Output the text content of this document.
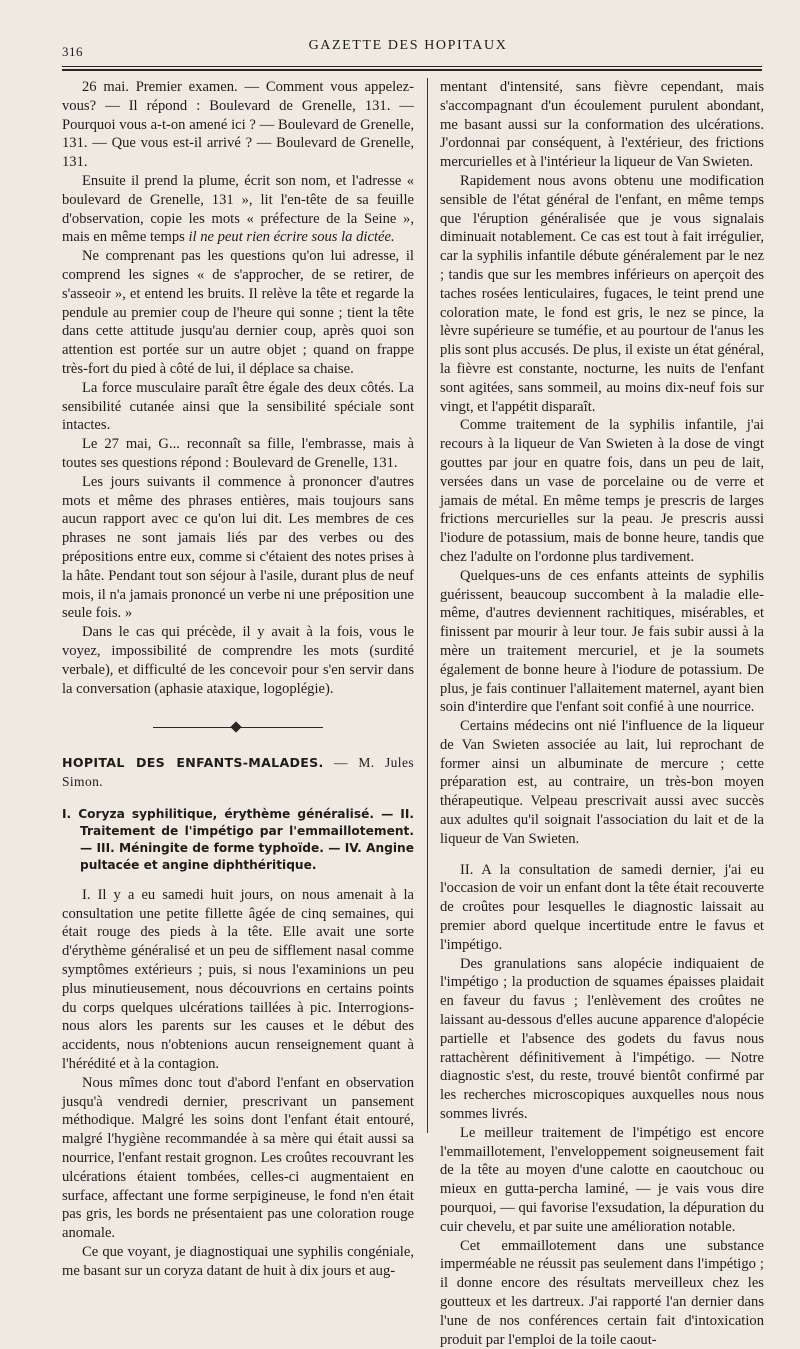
316	GAZETTE DES HOPITAUX

26 mai. Premier examen. — Comment vous appelez-vous? — Il répond : Boulevard de Grenelle, 131. — Pourquoi vous a-t-on amené ici ? — Boulevard de Grenelle, 131. — Que vous est-il arrivé ? — Boulevard de Grenelle, 131.

Ensuite il prend la plume, écrit son nom, et l'adresse « boulevard de Grenelle, 131 », lit l'en-tête de sa feuille d'observation, copie les mots « préfecture de la Seine », mais en même temps il ne peut rien écrire sous la dictée.

Ne comprenant pas les questions qu'on lui adresse, il comprend les signes « de s'approcher, de se retirer, de s'asseoir », et entend les bruits. Il relève la tête et regarde la pendule au premier coup de l'heure qui sonne ; tient la tête dans cette attitude jusqu'au dernier coup, après quoi son attention est portée sur un autre objet ; quand on frappe très-fort du pied à côté de lui, il déplace sa chaise.

La force musculaire paraît être égale des deux côtés. La sensibilité cutanée ainsi que la sensibilité spéciale sont intactes.

Le 27 mai, G... reconnaît sa fille, l'embrasse, mais à toutes ses questions répond : Boulevard de Grenelle, 131.

Les jours suivants il commence à prononcer d'autres mots et même des phrases entières, mais toujours sans aucun rapport avec ce qu'on lui dit. Les membres de ces phrases ne sont jamais liés par des verbes ou des prépositions entre eux, comme si c'étaient des notes prises à la hâte. Pendant tout son séjour à l'asile, durant plus de neuf mois, il n'a jamais prononcé un verbe ni une préposition une seule fois. »

Dans le cas qui précède, il y avait à la fois, vous le voyez, impossibilité de comprendre les mots (surdité verbale), et difficulté de les concevoir pour s'en servir dans la conversation (aphasie ataxique, logoplégie).

HOPITAL DES ENFANTS-MALADES. — M. Jules Simon.

I. Coryza syphilitique, érythème généralisé. — II. Traitement de l'impétigo par l'emmaillotement. — III. Méningite de forme typhoïde. — IV. Angine pultacée et angine diphthéritique.

I. Il y a eu samedi huit jours, on nous amenait à la consultation une petite fillette âgée de cinq semaines, qui était rouge des pieds à la tête. Elle avait une sorte d'érythème généralisé et un peu de sifflement nasal comme symptômes extérieurs ; puis, si nous l'examinions un peu plus minutieusement, nous découvrions en certains points du corps quelques ulcérations taillées à pic. Interrogions-nous alors les parents sur les causes et le début des accidents, nous n'obtenions aucun renseignement quant à l'hérédité et à la contagion.

Nous mîmes donc tout d'abord l'enfant en observation jusqu'à vendredi dernier, prescrivant un pansement méthodique. Malgré les soins dont l'enfant était entouré, malgré l'hygiène recommandée à sa mère qui était aussi sa nourrice, l'enfant restait grognon. Les croûtes recouvrant les ulcérations étaient tombées, celles-ci augmentaient en surface, affectant une forme serpigineuse, le fond n'en était pas gris, les bords ne présentaient pas une coloration rouge anomale.

Ce que voyant, je diagnostiquai une syphilis congéniale, me basant sur un coryza datant de huit à dix jours et aug-

mentant d'intensité, sans fièvre cependant, mais s'accompagnant d'un écoulement purulent abondant, me basant aussi sur la conformation des ulcérations. J'ordonnai par conséquent, à l'extérieur, des frictions mercurielles et à l'intérieur la liqueur de Van Swieten.

Rapidement nous avons obtenu une modification sensible de l'état général de l'enfant, en même temps que l'éruption généralisée que je vous signalais diminuait notablement. Ce cas est tout à fait irrégulier, car la syphilis infantile débute généralement par le nez ; tandis que sur les membres inférieurs on aperçoit des taches rosées lenticulaires, fugaces, le teint prend une coloration mate, le fond est gris, le nez se pince, la lèvre supérieure se tuméfie, et au pourtour de l'anus les plis sont plus accusés. De plus, il existe un état général, la fièvre est constante, nocturne, les nuits de l'enfant sont agitées, sans sommeil, au moins dix-neuf fois sur vingt, et l'appétit disparaît.

Comme traitement de la syphilis infantile, j'ai recours à la liqueur de Van Swieten à la dose de vingt gouttes par jour en quatre fois, dans un peu de lait, versées dans un vase de porcelaine ou de verre et jamais de métal. En même temps je prescris de larges frictions mercurielles sur la peau. Je prescris aussi l'iodure de potassium, mais de bonne heure, tandis que chez l'adulte on l'ordonne plus tardivement.

Quelques-uns de ces enfants atteints de syphilis guérissent, beaucoup succombent à la maladie elle-même, d'autres deviennent rachitiques, misérables, et finissent par mourir à leur tour. Je fais subir aussi à la mère un traitement mercuriel, et je la soumets également de bonne heure à l'iodure de potassium. De plus, je fais continuer l'allaitement maternel, ayant bien soin d'interdire que l'enfant soit confié à une nourrice.

Certains médecins ont nié l'influence de la liqueur de Van Swieten associée au lait, lui reprochant de former ainsi un albuminate de mercure ; cette préparation est, au contraire, un très-bon moyen thérapeutique. Velpeau prescrivait aussi avec succès aux adultes qu'il soignait l'association du lait et de la liqueur de Van Swieten.

II. A la consultation de samedi dernier, j'ai eu l'occasion de voir un enfant dont la tête était recouverte de croûtes pour lesquelles le diagnostic laissait au premier abord quelque incertitude entre le favus et l'impétigo.

Des granulations sans alopécie indiquaient de l'impétigo ; la production de squames épaisses plaidait en faveur du favus ; l'enlèvement des croûtes ne laissant au-dessous d'elles aucune apparence d'alopécie partielle et l'absence des godets du favus nous rattachèrent définitivement à l'impétigo. — Notre diagnostic s'est, du reste, trouvé bientôt confirmé par les recherches microscopiques auxquelles nous nous sommes livrés.

Le meilleur traitement de l'impétigo est encore l'emmaillotement, l'enveloppement soigneusement fait de la tête au moyen d'une calotte en caoutchouc ou mieux en gutta-percha laminé, — je vais vous dire pourquoi, — qui favorise l'exsudation, la dépuration du cuir chevelu, et par suite une amélioration notable.

Cet emmaillotement dans une substance imperméable ne réussit pas seulement dans l'impétigo ; il donne encore des résultats merveilleux chez les goutteux et les dartreux. J'ai rapporté l'an dernier dans l'une de nos conférences certain fait d'intoxication produit par l'emploi de la toile caout-
